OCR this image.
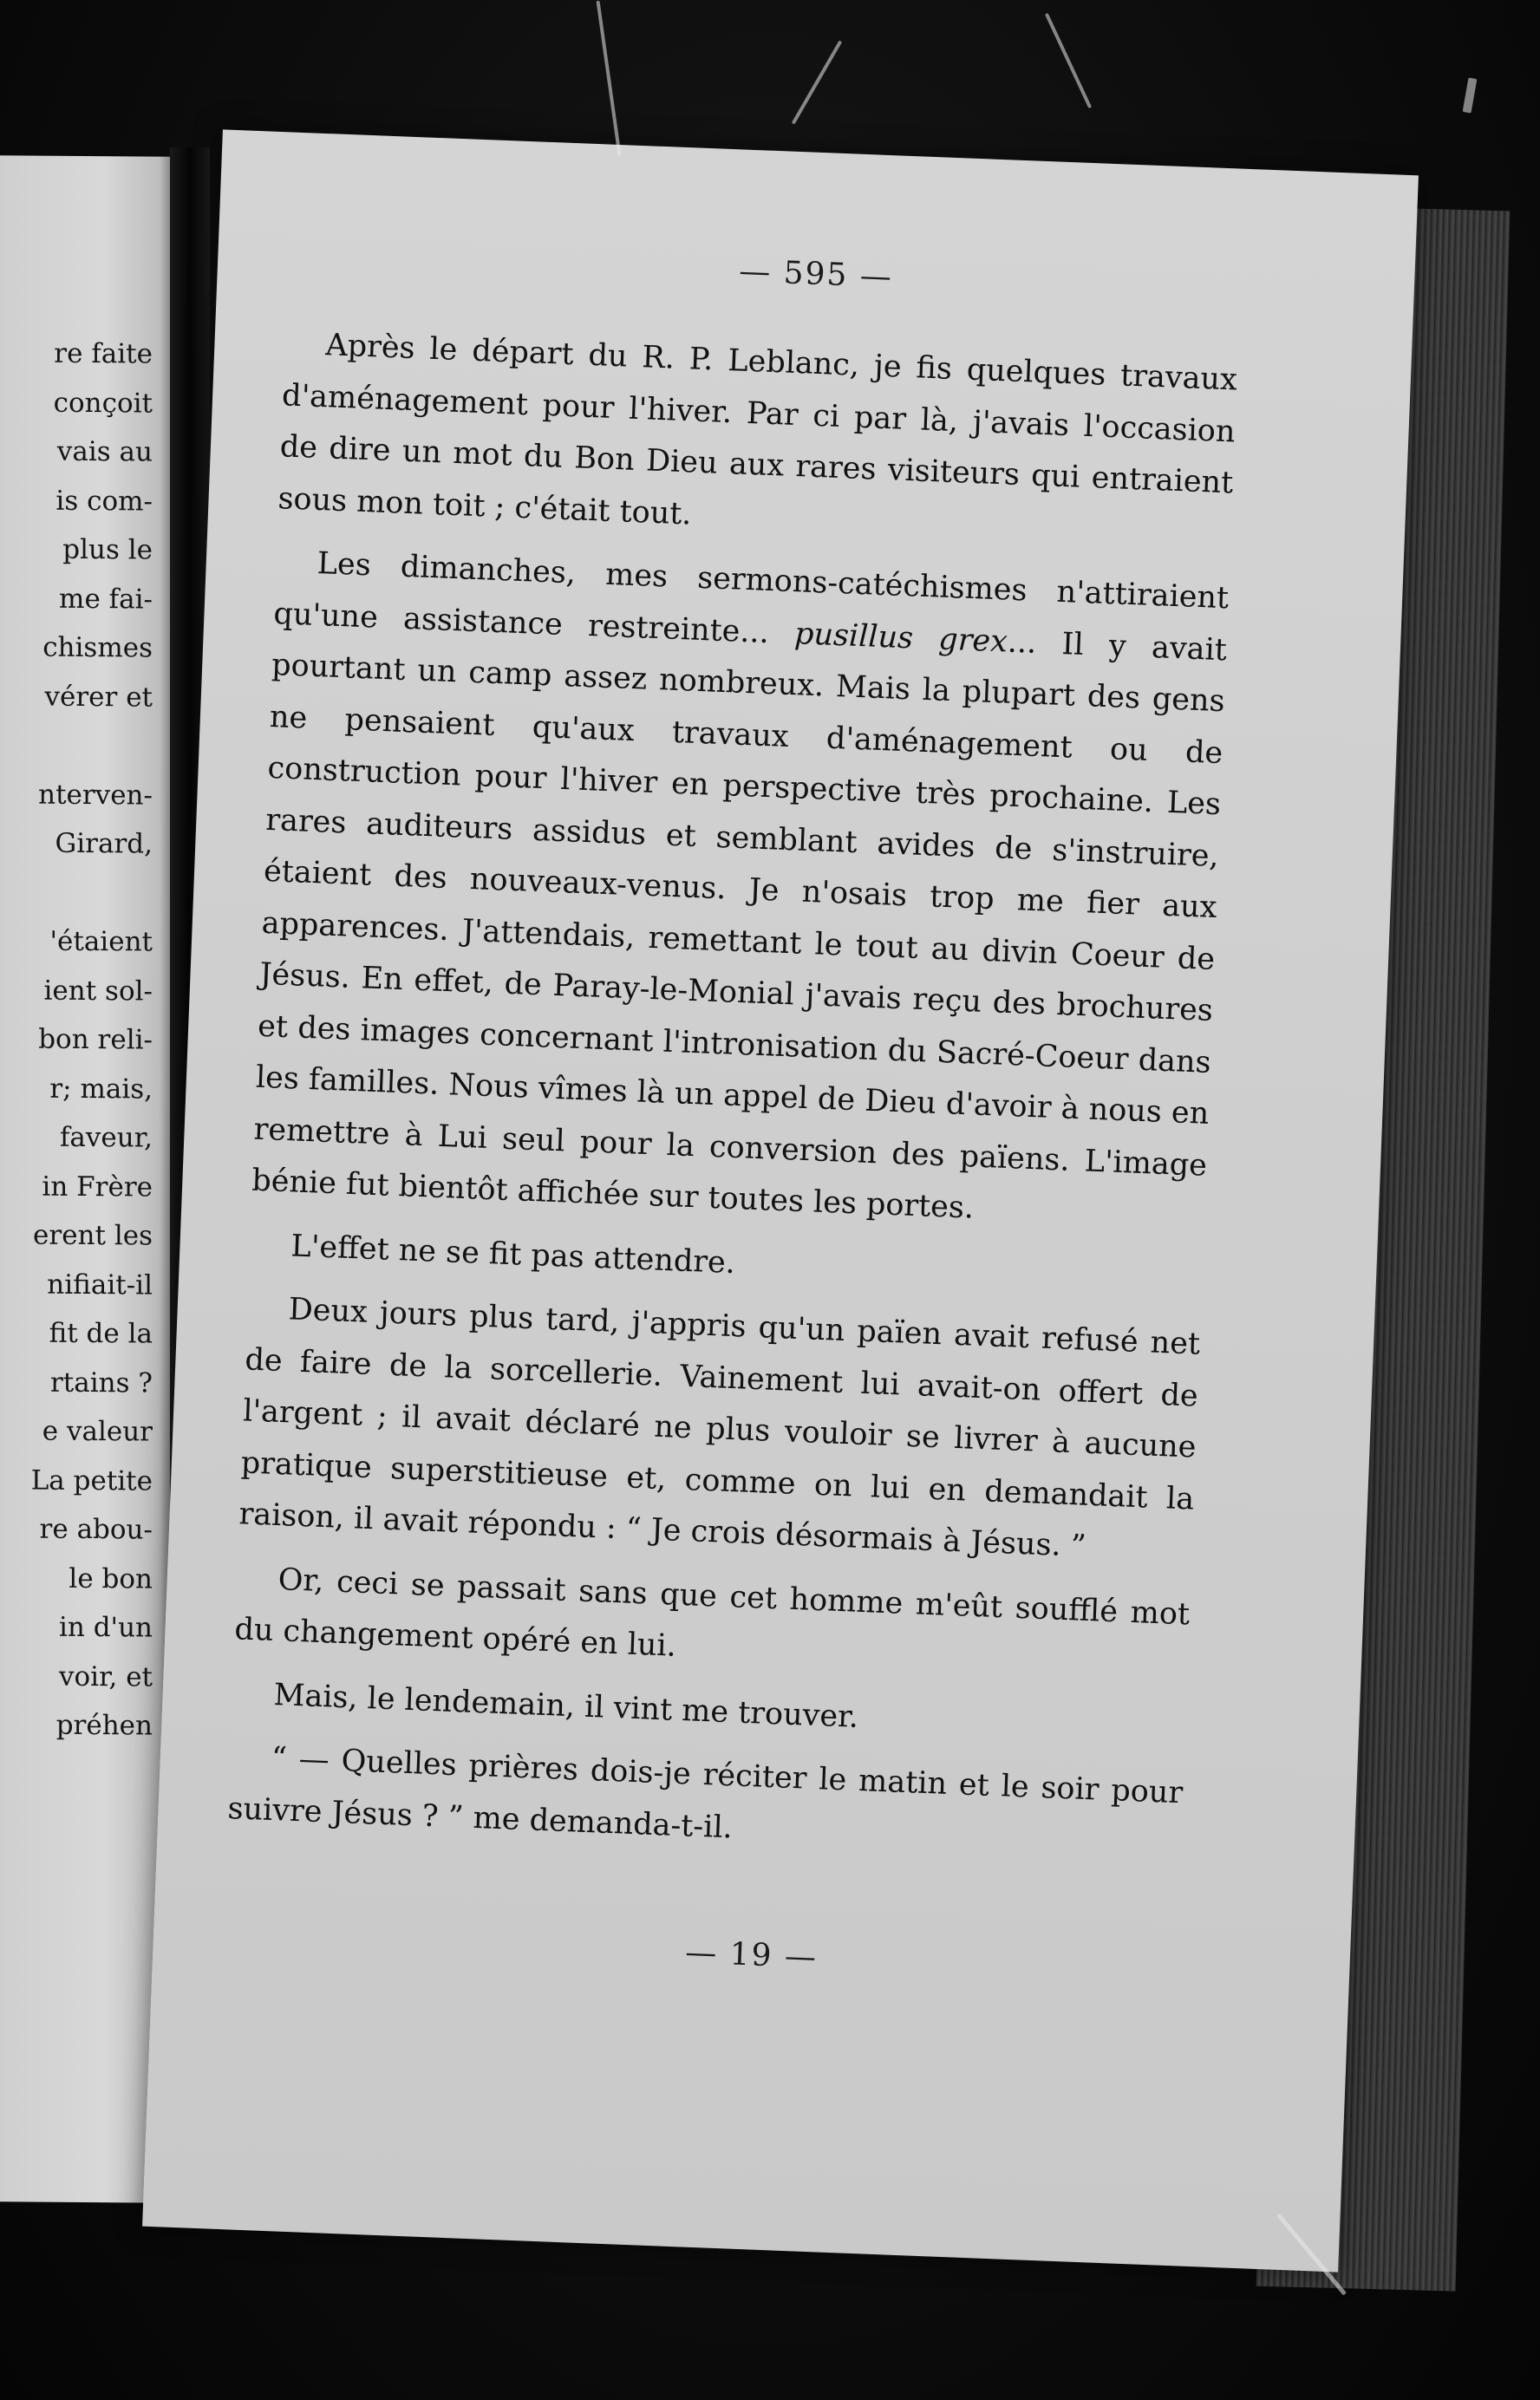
re faite
conçoit
vais au
is com-
plus le
me fai-
chismes
vérer et
nterven-
Girard,
'étaient
ient sol-
bon reli-
r; mais,
faveur,
in Frère
erent les
nifiait-il
fit de la
rtains ?
e valeur
La petite
re abou-
le bon
in d'un
voir, et
préhen
— 595 —

Après le départ du R. P. Leblanc, je fis quelques travaux d'aménagement pour l'hiver. Par ci par là, j'avais l'occasion de dire un mot du Bon Dieu aux rares visiteurs qui entraient sous mon toit ; c'était tout.

Les dimanches, mes sermons-catéchismes n'attiraient qu'une assistance restreinte... pusillus grex... Il y avait pourtant un camp assez nombreux. Mais la plupart des gens ne pensaient qu'aux travaux d'aménagement ou de construction pour l'hiver en perspective très prochaine. Les rares auditeurs assidus et semblant avides de s'instruire, étaient des nouveaux-venus. Je n'osais trop me fier aux apparences. J'attendais, remettant le tout au divin Coeur de Jésus. En effet, de Paray-le-Monial j'avais reçu des brochures et des images concernant l'intronisation du Sacré-Coeur dans les familles. Nous vîmes là un appel de Dieu d'avoir à nous en remettre à Lui seul pour la conversion des païens. L'image bénie fut bientôt affichée sur toutes les portes.

L'effet ne se fit pas attendre.

Deux jours plus tard, j'appris qu'un païen avait refusé net de faire de la sorcellerie. Vainement lui avait-on offert de l'argent ; il avait déclaré ne plus vouloir se livrer à aucune pratique superstitieuse et, comme on lui en demandait la raison, il avait répondu : “ Je crois désormais à Jésus. ”

Or, ceci se passait sans que cet homme m'eût soufflé mot du changement opéré en lui.

Mais, le lendemain, il vint me trouver.

“ — Quelles prières dois-je réciter le matin et le soir pour suivre Jésus ? ” me demanda-t-il.

— 19 —
